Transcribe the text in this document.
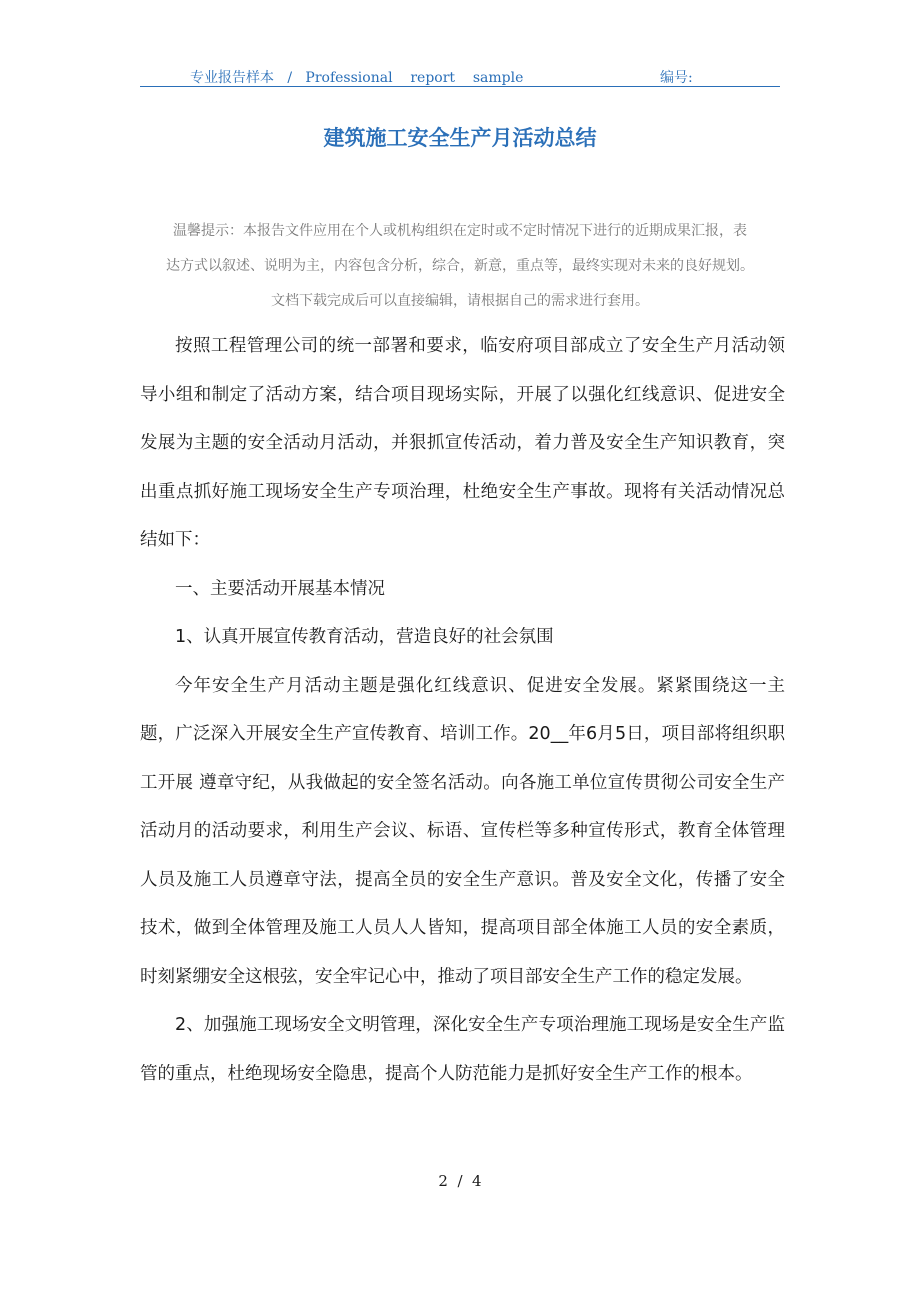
专业报告样本   /   Professional    report    sample	编号:
建筑施工安全生产月活动总结

温馨提示：本报告文件应用在个人或机构组织在定时或不定时情况下进行的近期成果汇报，表

达方式以叙述、说明为主，内容包含分析，综合，新意，重点等，最终实现对未来的良好规划。

文档下载完成后可以直接编辑，请根据自己的需求进行套用。

按照工程管理公司的统一部署和要求，临安府项目部成立了安全生产月活动领导小组和制定了活动方案，结合项目现场实际，开展了以强化红线意识、促进安全发展为主题的安全活动月活动，并狠抓宣传活动，着力普及安全生产知识教育，突出重点抓好施工现场安全生产专项治理，杜绝安全生产事故。现将有关活动情况总结如下：

一、主要活动开展基本情况

1、认真开展宣传教育活动，营造良好的社会氛围

今年安全生产月活动主题是强化红线意识、促进安全发展。紧紧围绕这一主题，广泛深入开展安全生产宣传教育、培训工作。20__年6月5日，项目部将组织职工开展 遵章守纪，从我做起的安全签名活动。向各施工单位宣传贯彻公司安全生产活动月的活动要求，利用生产会议、标语、宣传栏等多种宣传形式，教育全体管理人员及施工人员遵章守法，提高全员的安全生产意识。普及安全文化，传播了安全技术，做到全体管理及施工人员人人皆知，提高项目部全体施工人员的安全素质，时刻紧绷安全这根弦，安全牢记心中，推动了项目部安全生产工作的稳定发展。

2、加强施工现场安全文明管理，深化安全生产专项治理施工现场是安全生产监管的重点，杜绝现场安全隐患，提高个人防范能力是抓好安全生产工作的根本。

2  /  4
